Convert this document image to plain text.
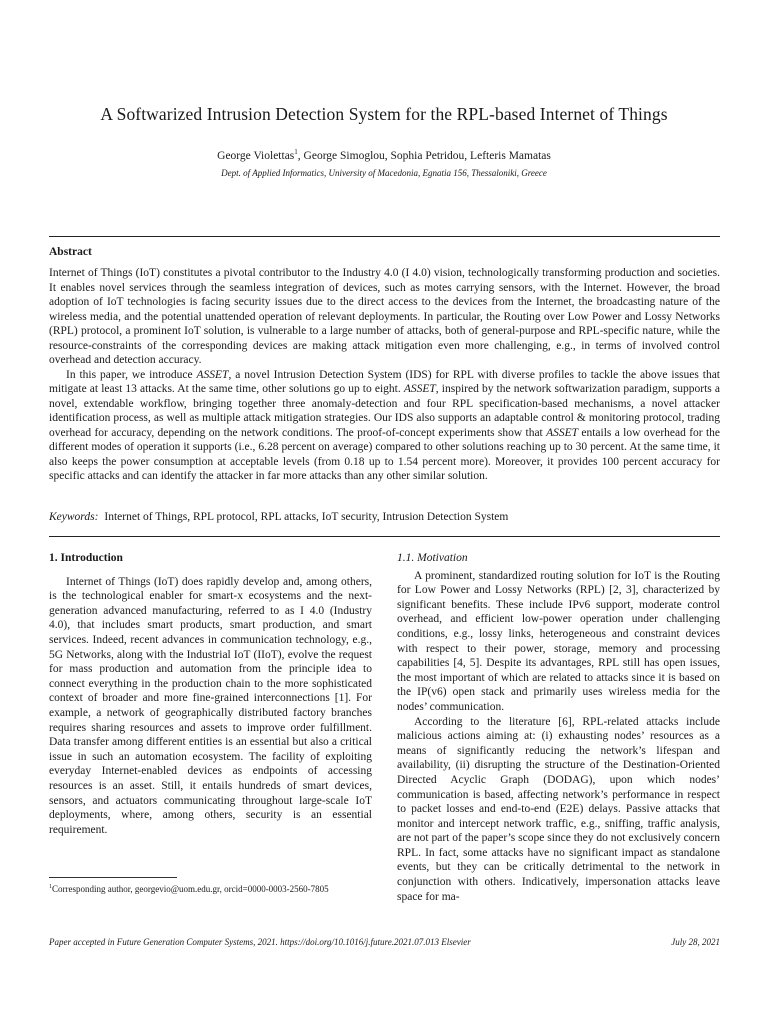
A Softwarized Intrusion Detection System for the RPL-based Internet of Things
George Violettas$^1$, George Simoglou, Sophia Petridou, Lefteris Mamatas
Dept. of Applied Informatics, University of Macedonia, Egnatia 156, Thessaloniki, Greece
Abstract

Internet of Things (IoT) constitutes a pivotal contributor to the Industry 4.0 (I 4.0) vision, technologically transforming production and societies. It enables novel services through the seamless integration of devices, such as motes carrying sensors, with the Internet. However, the broad adoption of IoT technologies is facing security issues due to the direct access to the devices from the Internet, the broadcasting nature of the wireless media, and the potential unattended operation of relevant deployments. In particular, the Routing over Low Power and Lossy Networks (RPL) protocol, a prominent IoT solution, is vulnerable to a large number of attacks, both of general-purpose and RPL-specific nature, while the resource-constraints of the corresponding devices are making attack mitigation even more challenging, e.g., in terms of involved control overhead and detection accuracy.

In this paper, we introduce ASSET, a novel Intrusion Detection System (IDS) for RPL with diverse profiles to tackle the above issues that mitigate at least 13 attacks. At the same time, other solutions go up to eight. ASSET, inspired by the network softwarization paradigm, supports a novel, extendable workflow, bringing together three anomaly-detection and four RPL specification-based mechanisms, a novel attacker identification process, as well as multiple attack mitigation strategies. Our IDS also supports an adaptable control & monitoring protocol, trading overhead for accuracy, depending on the network conditions. The proof-of-concept experiments show that ASSET entails a low overhead for the different modes of operation it supports (i.e., 6.28 percent on average) compared to other solutions reaching up to 30 percent. At the same time, it also keeps the power consumption at acceptable levels (from 0.18 up to 1.54 percent more). Moreover, it provides 100 percent accuracy for specific attacks and can identify the attacker in far more attacks than any other similar solution.

Keywords: Internet of Things, RPL protocol, RPL attacks, IoT security, Intrusion Detection System
1. Introduction

Internet of Things (IoT) does rapidly develop and, among others, is the technological enabler for smart-x ecosystems and the next-generation advanced manufacturing, referred to as I 4.0 (Industry 4.0), that includes smart products, smart production, and smart services. Indeed, recent advances in communication technology, e.g., 5G Networks, along with the Industrial IoT (IIoT), evolve the request for mass production and automation from the principle idea to connect everything in the production chain to the more sophisticated context of broader and more fine-grained interconnections [1]. For example, a network of geographically distributed factory branches requires sharing resources and assets to improve order fulfillment. Data transfer among different entities is an essential but also a critical issue in such an automation ecosystem. The facility of exploiting everyday Internet-enabled devices as endpoints of accessing resources is an asset. Still, it entails hundreds of smart devices, sensors, and actuators communicating throughout large-scale IoT deployments, where, among others, security is an essential requirement.

1.1. Motivation

A prominent, standardized routing solution for IoT is the Routing for Low Power and Lossy Networks (RPL) [2, 3], characterized by significant benefits. These include IPv6 support, moderate control overhead, and efficient low-power operation under challenging conditions, e.g., lossy links, heterogeneous and constraint devices with respect to their power, storage, memory and processing capabilities [4, 5]. Despite its advantages, RPL still has open issues, the most important of which are related to attacks since it is based on the IP(v6) open stack and primarily uses wireless media for the nodes’ communication.

According to the literature [6], RPL-related attacks include malicious actions aiming at: (i) exhausting nodes’ resources as a means of significantly reducing the network’s lifespan and availability, (ii) disrupting the structure of the Destination-Oriented Directed Acyclic Graph (DODAG), upon which nodes’ communication is based, affecting network’s performance in respect to packet losses and end-to-end (E2E) delays. Passive attacks that monitor and intercept network traffic, e.g., sniffing, traffic analysis, are not part of the paper’s scope since they do not exclusively concern RPL. In fact, some attacks have no significant impact as standalone events, but they can be critically detrimental to the network in conjunction with others. Indicatively, impersonation attacks leave space for ma-

$^1$Corresponding author, georgevio@uom.edu.gr, orcid=0000-0003-2560-7805
Paper accepted in Future Generation Computer Systems, 2021. https://doi.org/10.1016/j.future.2021.07.013 Elsevier	July 28, 2021
